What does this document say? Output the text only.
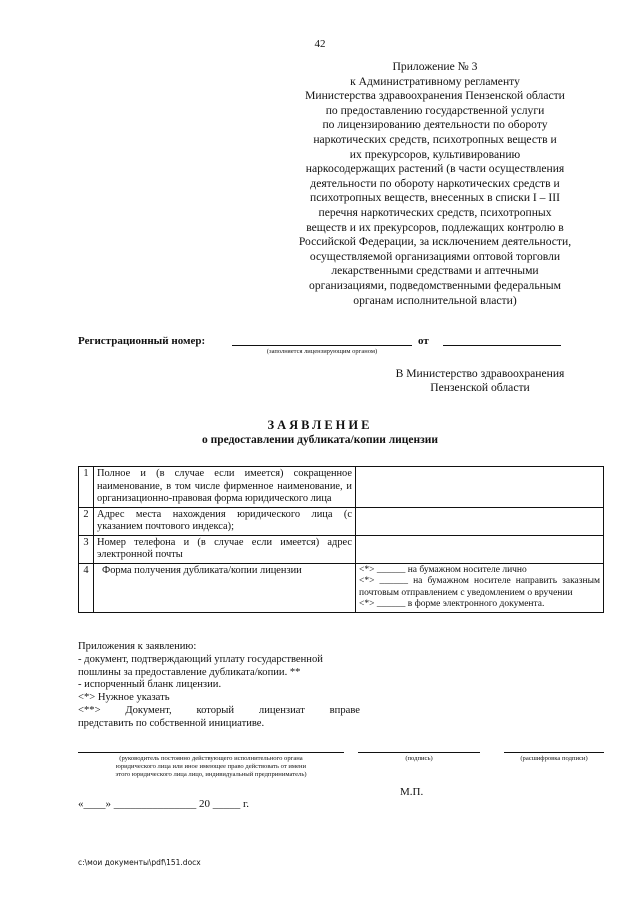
42
Приложение № 3
к Административному регламенту
Министерства здравоохранения Пензенской области
по предоставлению государственной услуги
по лицензированию деятельности по обороту
наркотических средств, психотропных веществ и
их прекурсоров, культивированию
наркосодержащих растений (в части осуществления
деятельности по обороту наркотических средств и
психотропных веществ, внесенных в списки I – III
перечня наркотических средств, психотропных
веществ и их прекурсоров, подлежащих контролю в
Российской Федерации, за исключением деятельности,
осуществляемой организациями оптовой торговли
лекарственными средствами и аптечными
организациями, подведомственными федеральным
органам исполнительной власти)
Регистрационный номер:
(заполняется лицензирующим органом)
от
В Министерство здравоохранения
Пензенской области
ЗАЯВЛЕНИЕ
о предоставлении дубликата/копии лицензии
1	Полное и (в случае если имеется) сокращенное наименование, в том числе фирменное наименование, и организационно-правовая форма юридического лица	
2	Адрес места нахождения юридического лица (с указанием почтового индекса);	
3	Номер телефона и (в случае если имеется) адрес электронной почты	
4	Форма получения дубликата/копии лицензии	<*> ______ на бумажном носителе лично
<*> ______ на бумажном носителе направить заказным почтовым отправлением с уведомлением о вручении
<*> ______ в форме электронного документа.
Приложения к заявлению:
- документ, подтверждающий уплату государственной
пошлины за предоставление дубликата/копии. **
- испорченный бланк лицензии.
<*> Нужное указать
<**> Документ, который лицензиат вправе
представить по собственной инициативе.
(руководитель постоянно действующего исполнительного органа
юридического лица или иное имеющее право действовать от имени
этого юридического лица лицо, индивидуальный предприниматель)
(подпись)	(расшифровка подписи)
М.П.
«____» _______________ 20 _____ г.
c:\мои документы\pdf\151.docx
